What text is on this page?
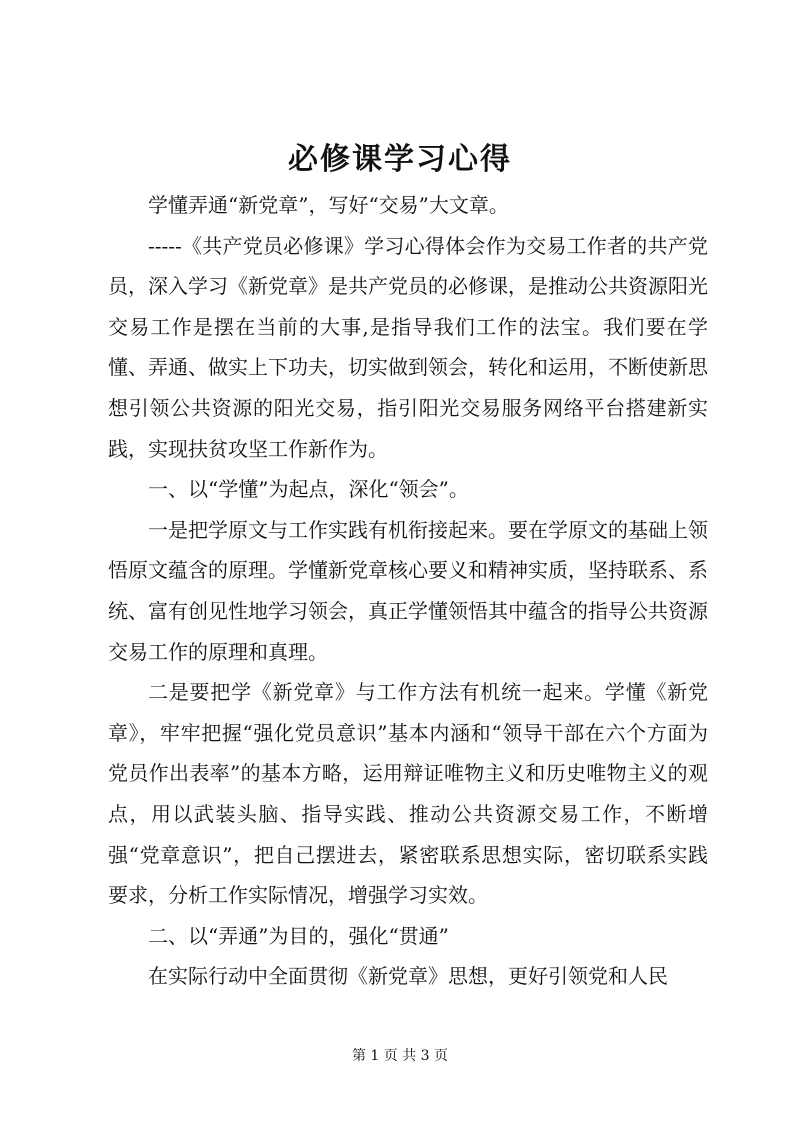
必修课学习心得

学懂弄通“新党章”，写好“交易”大文章。

-----《共产党员必修课》学习心得体会作为交易工作者的共产党员，深入学习《新党章》是共产党员的必修课，是推动公共资源阳光交易工作是摆在当前的大事,是指导我们工作的法宝。我们要在学懂、弄通、做实上下功夫，切实做到领会，转化和运用，不断使新思想引领公共资源的阳光交易，指引阳光交易服务网络平台搭建新实践，实现扶贫攻坚工作新作为。

一、以“学懂”为起点，深化“领会”。

一是把学原文与工作实践有机衔接起来。要在学原文的基础上领悟原文蕴含的原理。学懂新党章核心要义和精神实质，坚持联系、系统、富有创见性地学习领会，真正学懂领悟其中蕴含的指导公共资源交易工作的原理和真理。

二是要把学《新党章》与工作方法有机统一起来。学懂《新党章》，牢牢把握“强化党员意识”基本内涵和“领导干部在六个方面为党员作出表率”的基本方略，运用辩证唯物主义和历史唯物主义的观点，用以武装头脑、指导实践、推动公共资源交易工作，不断增强“党章意识”，把自己摆进去，紧密联系思想实际，密切联系实践要求，分析工作实际情况，增强学习实效。

二、以“弄通”为目的，强化“贯通”

在实际行动中全面贯彻《新党章》思想，更好引领党和人民

第 1 页 共 3 页
